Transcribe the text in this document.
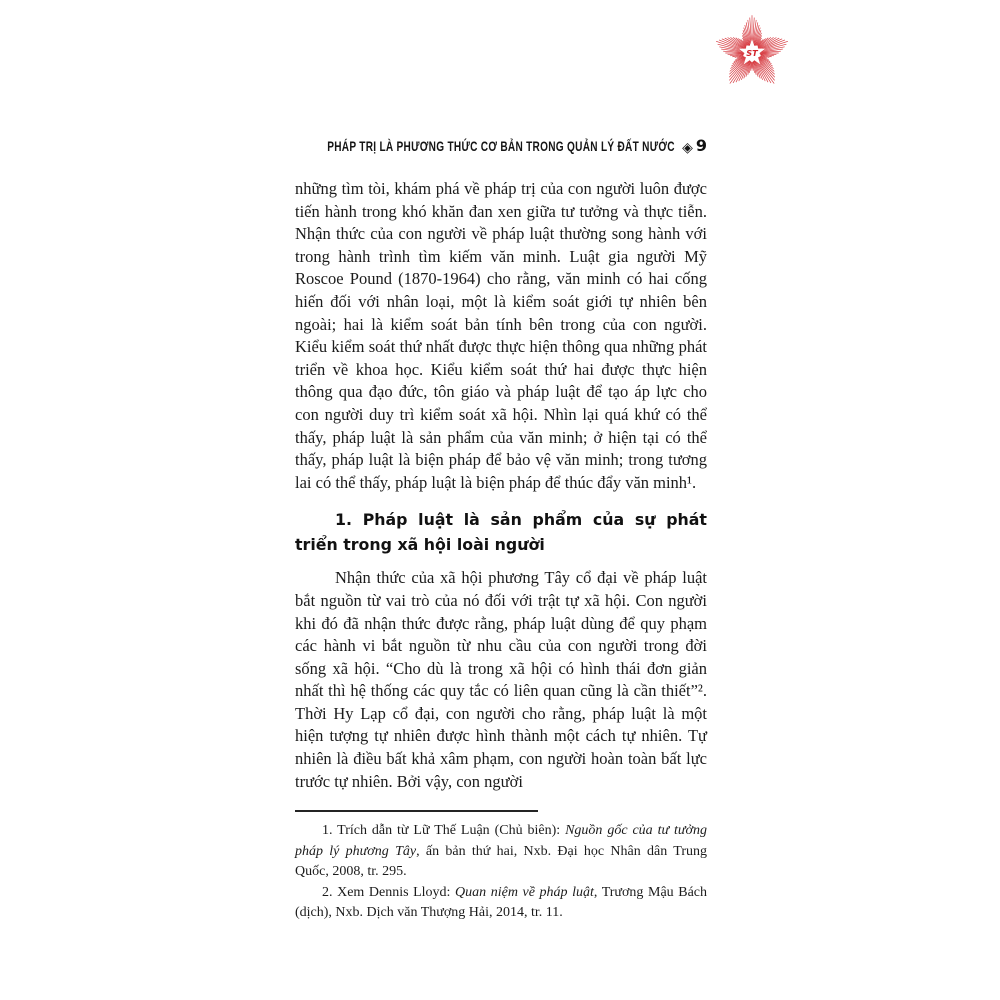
ST
PHÁP TRỊ LÀ PHƯƠNG THỨC CƠ BẢN TRONG QUẢN LÝ ĐẤT NƯỚC ◈ 9

những tìm tòi, khám phá về pháp trị của con người luôn được tiến hành trong khó khăn đan xen giữa tư tưởng và thực tiễn. Nhận thức của con người về pháp luật thường song hành với trong hành trình tìm kiếm văn minh. Luật gia người Mỹ Roscoe Pound (1870-1964) cho rằng, văn minh có hai cống hiến đối với nhân loại, một là kiểm soát giới tự nhiên bên ngoài; hai là kiểm soát bản tính bên trong của con người. Kiểu kiểm soát thứ nhất được thực hiện thông qua những phát triển về khoa học. Kiểu kiểm soát thứ hai được thực hiện thông qua đạo đức, tôn giáo và pháp luật để tạo áp lực cho con người duy trì kiểm soát xã hội. Nhìn lại quá khứ có thể thấy, pháp luật là sản phẩm của văn minh; ở hiện tại có thể thấy, pháp luật là biện pháp để bảo vệ văn minh; trong tương lai có thể thấy, pháp luật là biện pháp để thúc đẩy văn minh¹.

1. Pháp luật là sản phẩm của sự phát triển trong xã hội loài người

Nhận thức của xã hội phương Tây cổ đại về pháp luật bắt nguồn từ vai trò của nó đối với trật tự xã hội. Con người khi đó đã nhận thức được rằng, pháp luật dùng để quy phạm các hành vi bắt nguồn từ nhu cầu của con người trong đời sống xã hội. “Cho dù là trong xã hội có hình thái đơn giản nhất thì hệ thống các quy tắc có liên quan cũng là cần thiết”². Thời Hy Lạp cổ đại, con người cho rằng, pháp luật là một hiện tượng tự nhiên được hình thành một cách tự nhiên. Tự nhiên là điều bất khả xâm phạm, con người hoàn toàn bất lực trước tự nhiên. Bởi vậy, con người

1. Trích dẫn từ Lữ Thế Luận (Chủ biên): Nguồn gốc của tư tưởng pháp lý phương Tây, ấn bản thứ hai, Nxb. Đại học Nhân dân Trung Quốc, 2008, tr. 295.

2. Xem Dennis Lloyd: Quan niệm về pháp luật, Trương Mậu Bách (dịch), Nxb. Dịch văn Thượng Hải, 2014, tr. 11.
